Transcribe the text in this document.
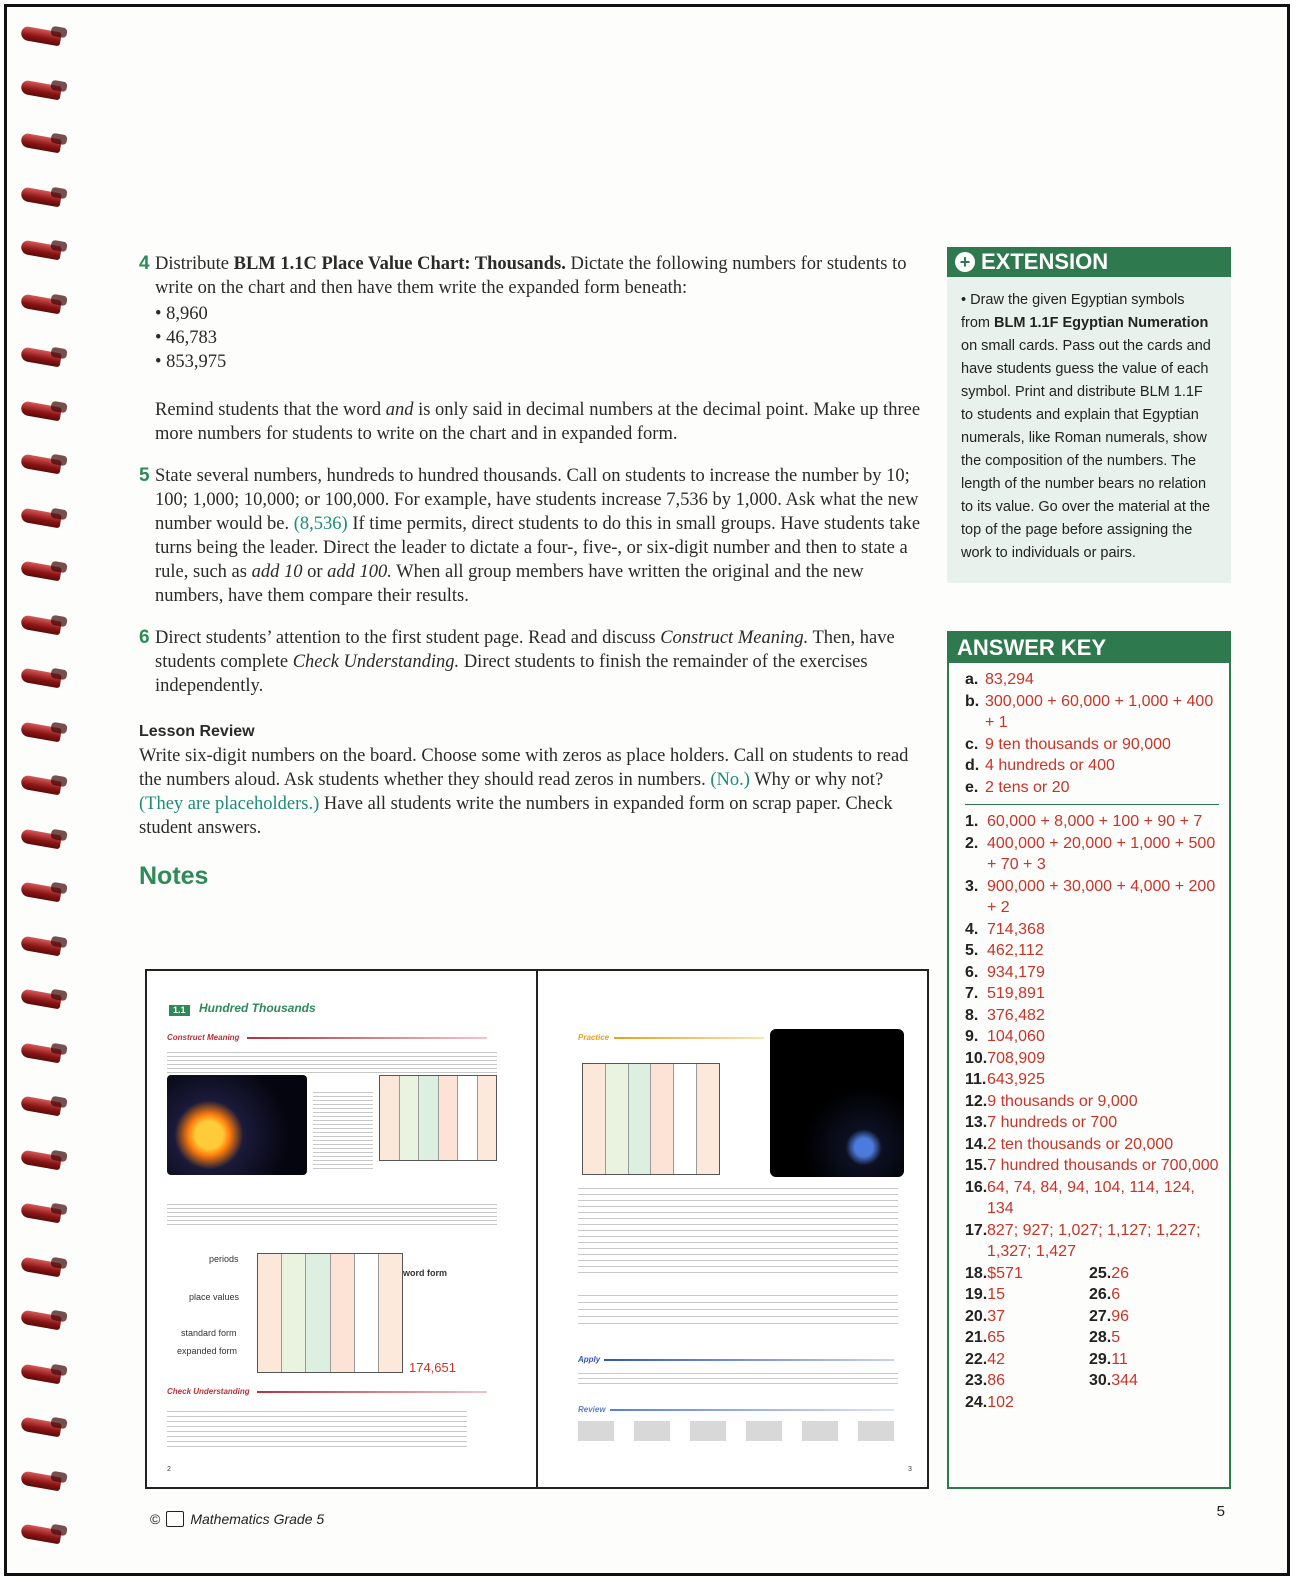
4 Distribute BLM 1.1C Place Value Chart: Thousands. Dictate the following numbers for students to write on the chart and then have them write the expanded form beneath:
• 8,960
• 46,783
• 853,975

Remind students that the word and is only said in decimal numbers at the decimal point. Make up three more numbers for students to write on the chart and in expanded form.

5 State several numbers, hundreds to hundred thousands. Call on students to increase the number by 10; 100; 1,000; 10,000; or 100,000. For example, have students increase 7,536 by 1,000. Ask what the new number would be. (8,536) If time permits, direct students to do this in small groups. Have students take turns being the leader. Direct the leader to dictate a four-, five-, or six-digit number and then to state a rule, such as add 10 or add 100. When all group members have written the original and the new numbers, have them compare their results.
6 Direct students’ attention to the first student page. Read and discuss Construct Meaning. Then, have students complete Check Understanding. Direct students to finish the remainder of the exercises independently.

Lesson Review

Write six-digit numbers on the board. Choose some with zeros as place holders. Call on students to read the numbers aloud. Ask students whether they should read zeros in numbers. (No.) Why or why not? (They are placeholders.) Have all students write the numbers in expanded form on scrap paper. Check student answers.

Notes
+ EXTENSION
• Draw the given Egyptian symbols from BLM 1.1F Egyptian Numeration on small cards. Pass out the cards and have students guess the value of each symbol. Print and distribute BLM 1.1F to students and explain that Egyptian numerals, like Roman numerals, show the composition of the numbers. The length of the number bears no relation to its value. Go over the material at the top of the page before assigning the work to individuals or pairs.
ANSWER KEY
a. 83,294
b. 300,000 + 60,000 + 1,000 + 400 + 1
c. 9 ten thousands or 90,000
d. 4 hundreds or 400
e. 2 tens or 20
1. 60,000 + 8,000 + 100 + 90 + 7
2. 400,000 + 20,000 + 1,000 + 500 + 70 + 3
3. 900,000 + 30,000 + 4,000 + 200 + 2
4. 714,368
5. 462,112
6. 934,179
7. 519,891
8. 376,482
9. 104,060
10. 708,909
11. 643,925
12. 9 thousands or 9,000
13. 7 hundreds or 700
14. 2 ten thousands or 20,000
15. 7 hundred thousands or 700,000
16. 64, 74, 84, 94, 104, 114, 124, 134
17. 827; 927; 1,027; 1,127; 1,227; 1,327; 1,427
18. $571
19. 15
20. 37
21. 65
22. 42
23. 86
24. 102
25. 26
26. 6
27. 96
28. 5
29. 11
30. 344
1.1	Hundred Thousands
Construct Meaning
periods
place values
standard form
expanded form
word form
174,651
Check Understanding
2
Practice
Apply
Review
3
© Mathematics Grade 5	5
